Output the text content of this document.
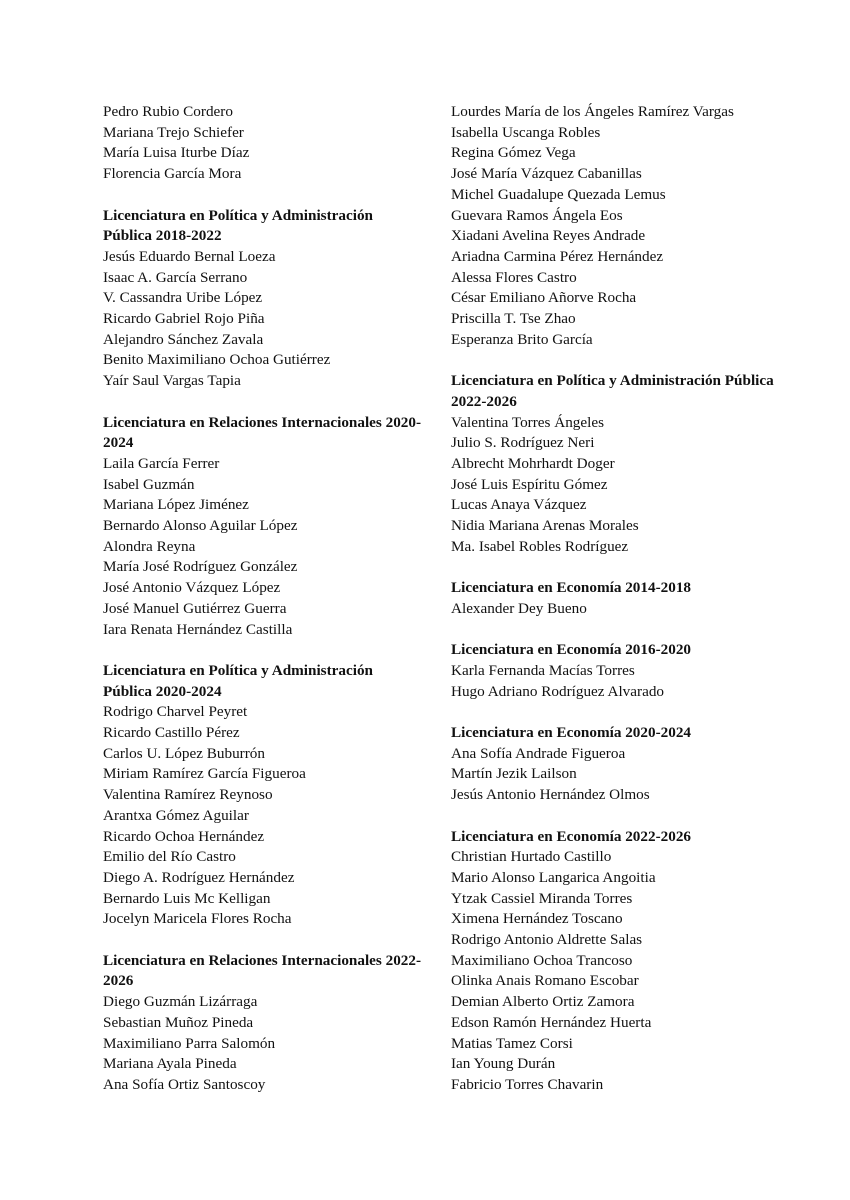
Pedro Rubio Cordero
Mariana Trejo Schiefer
María Luisa Iturbe Díaz
Florencia García Mora
Licenciatura en Política y Administración Pública 2018-2022
Jesús Eduardo Bernal Loeza
Isaac A. García Serrano
V. Cassandra Uribe López
Ricardo Gabriel Rojo Piña
Alejandro Sánchez Zavala
Benito Maximiliano Ochoa Gutiérrez
Yaír Saul Vargas Tapia
Licenciatura en Relaciones Internacionales 2020-2024
Laila García Ferrer
Isabel Guzmán
Mariana López Jiménez
Bernardo Alonso Aguilar López
Alondra Reyna
María José Rodríguez González
José Antonio Vázquez López
José Manuel Gutiérrez Guerra
Iara Renata Hernández Castilla
Licenciatura en Política y Administración Pública 2020-2024
Rodrigo Charvel Peyret
Ricardo Castillo Pérez
Carlos U. López Buburrón
Miriam Ramírez García Figueroa
Valentina Ramírez Reynoso
Arantxa Gómez Aguilar
Ricardo Ochoa Hernández
Emilio del Río Castro
Diego A. Rodríguez Hernández
Bernardo Luis Mc Kelligan
Jocelyn Maricela Flores Rocha
Licenciatura en Relaciones Internacionales 2022-2026
Diego Guzmán Lizárraga
Sebastian Muñoz Pineda
Maximiliano Parra Salomón
Mariana Ayala Pineda
Ana Sofía Ortiz Santoscoy
Lourdes María de los Ángeles Ramírez Vargas
Isabella Uscanga Robles
Regina Gómez Vega
José María Vázquez Cabanillas
Michel Guadalupe Quezada Lemus
Guevara Ramos Ángela Eos
Xiadani Avelina Reyes Andrade
Ariadna Carmina Pérez Hernández
Alessa Flores Castro
César Emiliano Añorve Rocha
Priscilla T. Tse Zhao
Esperanza Brito García
Licenciatura en Política y Administración Pública 2022-2026
Valentina Torres Ángeles
Julio S. Rodríguez Neri
Albrecht Mohrhardt Doger
José Luis Espíritu Gómez
Lucas Anaya Vázquez
Nidia Mariana Arenas Morales
Ma. Isabel Robles Rodríguez
Licenciatura en Economía 2014-2018
Alexander Dey Bueno
Licenciatura en Economía 2016-2020
Karla Fernanda Macías Torres
Hugo Adriano Rodríguez Alvarado
Licenciatura en Economía 2020-2024
Ana Sofía Andrade Figueroa
Martín Jezik Lailson
Jesús Antonio Hernández Olmos
Licenciatura en Economía 2022-2026
Christian Hurtado Castillo
Mario Alonso Langarica Angoitia
Ytzak Cassiel Miranda Torres
Ximena Hernández Toscano
Rodrigo Antonio Aldrette Salas
Maximiliano Ochoa Trancoso
Olinka Anais Romano Escobar
Demian Alberto Ortiz Zamora
Edson Ramón Hernández Huerta
Matias Tamez Corsi
Ian Young Durán
Fabricio Torres Chavarin
